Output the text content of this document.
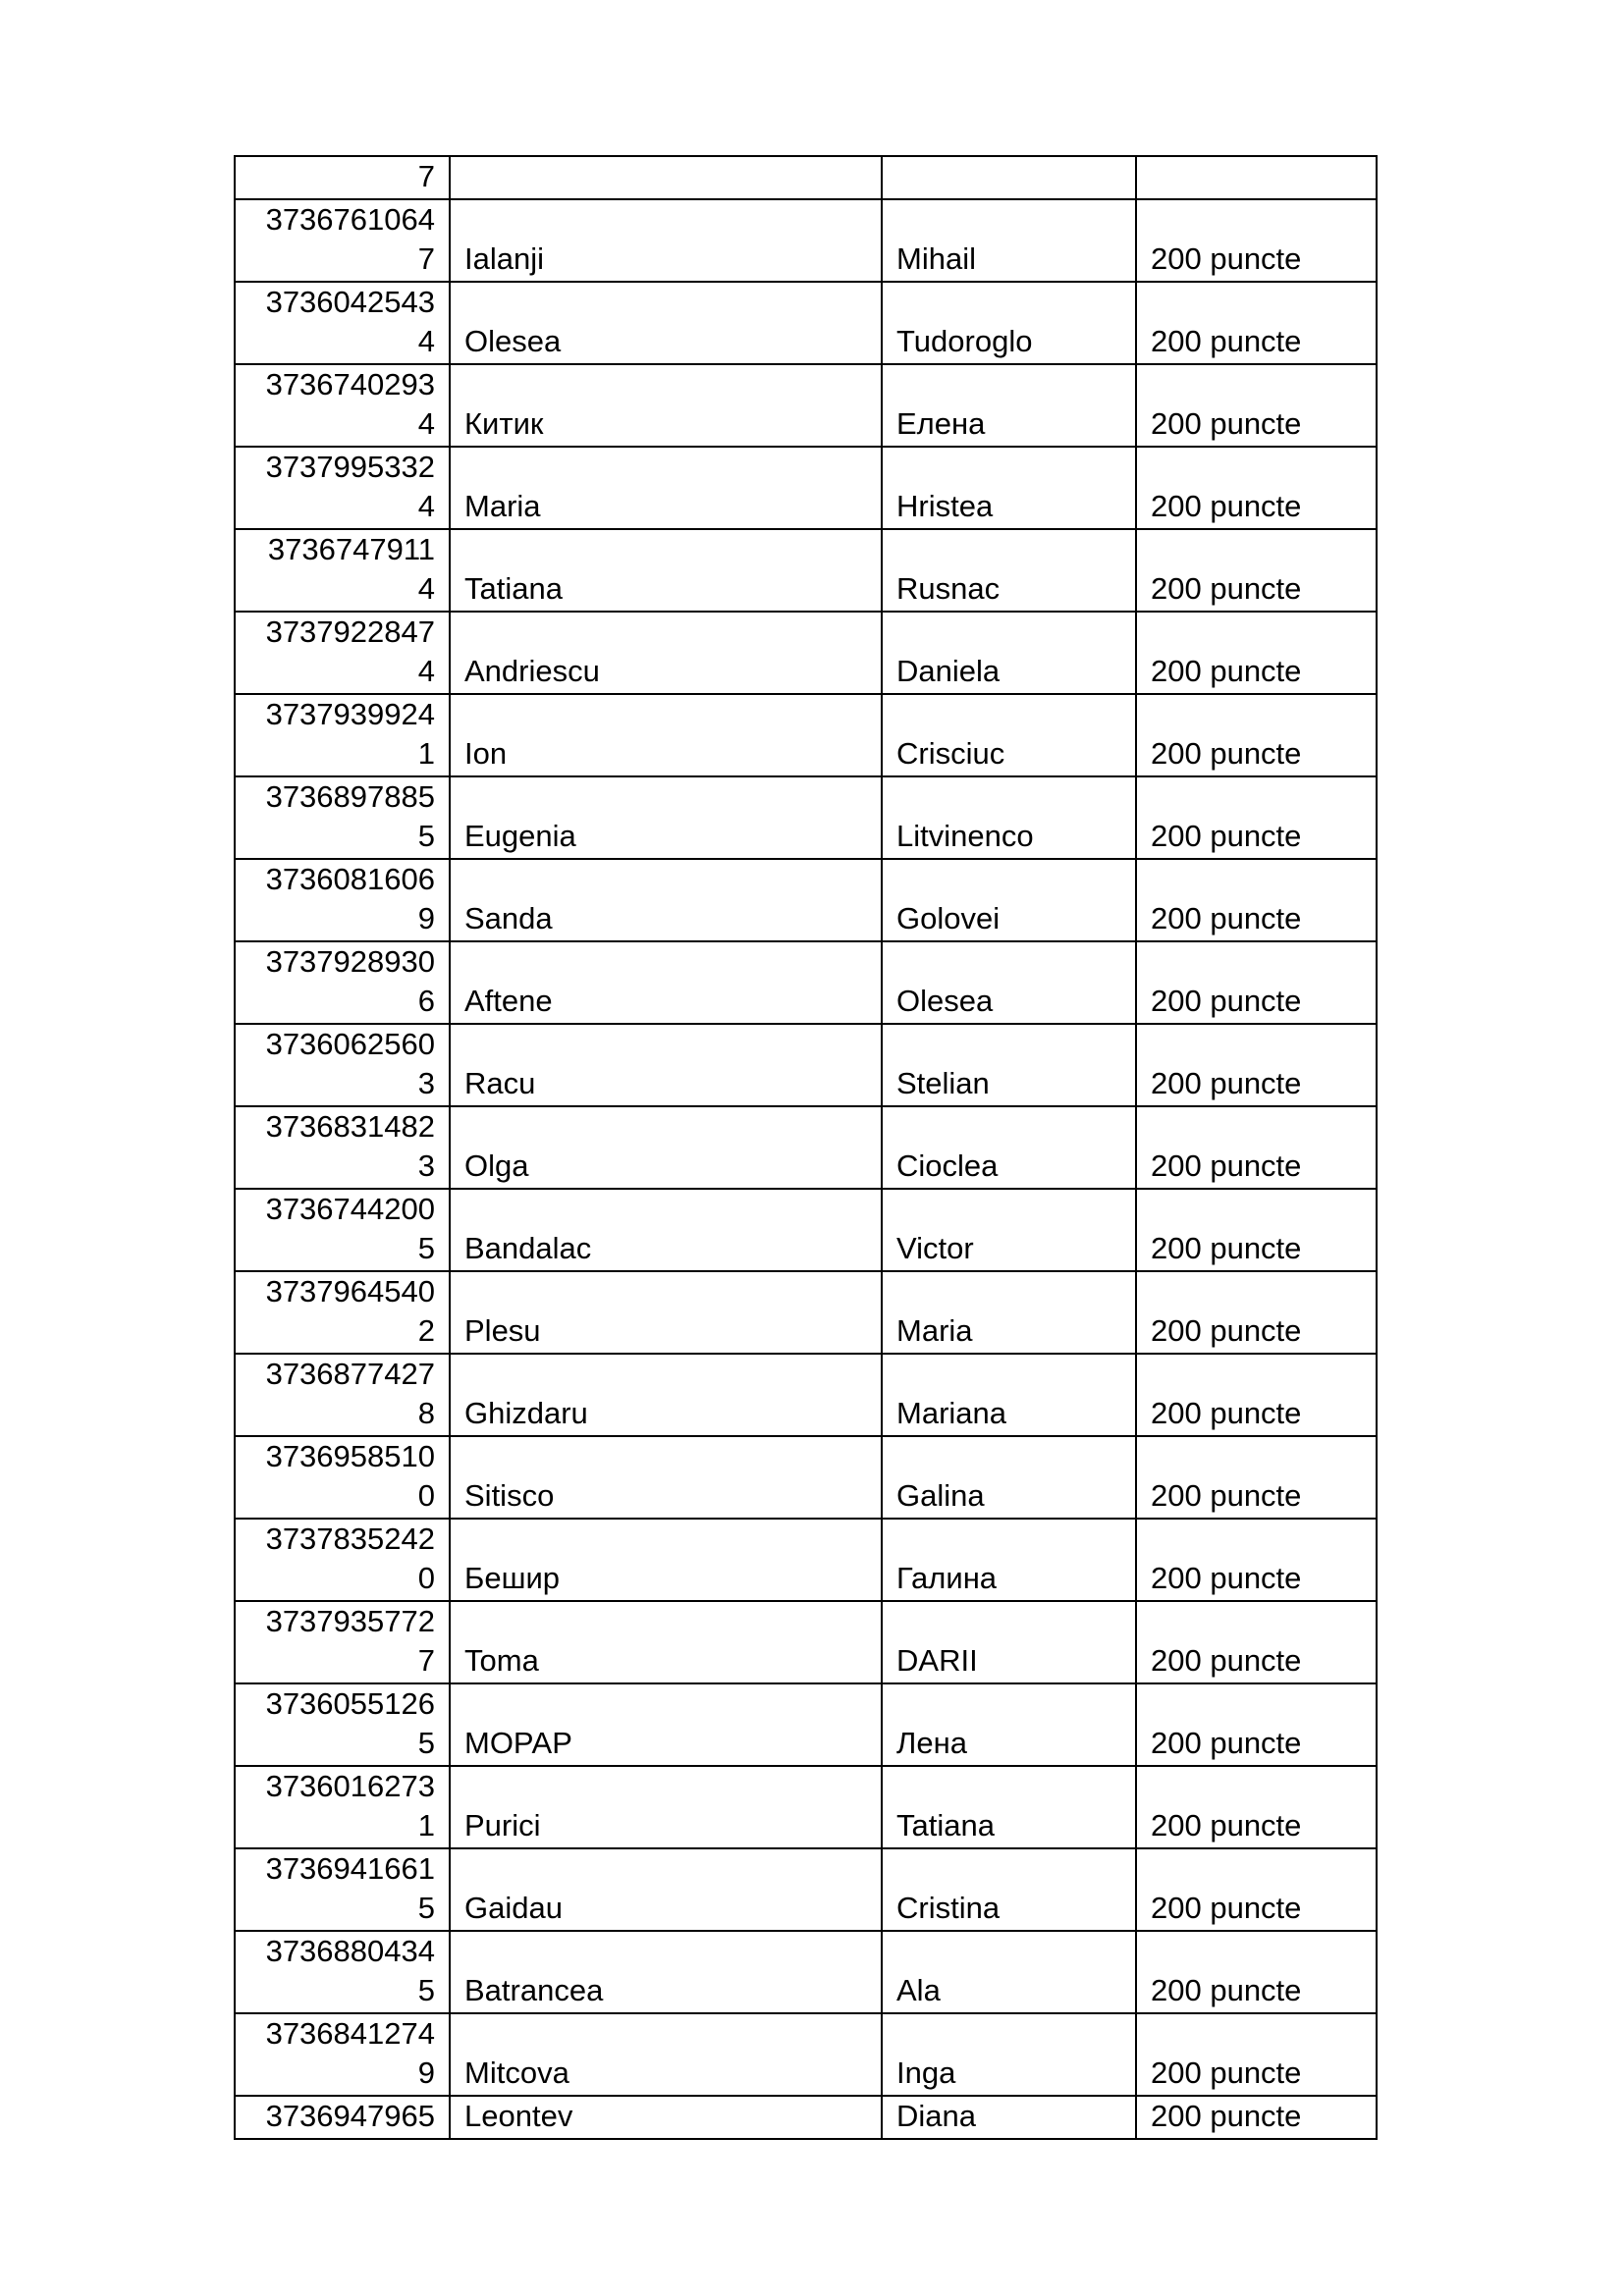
7			
3736761064
7	Ialanji	Mihail	200 puncte
3736042543
4	Olesea	Tudoroglo	200 puncte
3736740293
4	Китик	Елена	200 puncte
3737995332
4	Maria	Hristea	200 puncte
3736747911
4	Tatiana	Rusnac	200 puncte
3737922847
4	Andriescu	Daniela	200 puncte
3737939924
1	Ion	Crisciuc	200 puncte
3736897885
5	Eugenia	Litvinenco	200 puncte
3736081606
9	Sanda	Golovei	200 puncte
3737928930
6	Aftene	Olesea	200 puncte
3736062560
3	Racu	Stelian	200 puncte
3736831482
3	Olga	Cioclea	200 puncte
3736744200
5	Bandalac	Victor	200 puncte
3737964540
2	Plesu	Maria	200 puncte
3736877427
8	Ghizdaru	Mariana	200 puncte
3736958510
0	Sitisco	Galina	200 puncte
3737835242
0	Бешир	Галина	200 puncte
3737935772
7	Toma	DARII	200 puncte
3736055126
5	МОРАР	Лена	200 puncte
3736016273
1	Purici	Tatiana	200 puncte
3736941661
5	Gaidau	Cristina	200 puncte
3736880434
5	Batrancea	Ala	200 puncte
3736841274
9	Mitcova	Inga	200 puncte
3736947965	Leontev	Diana	200 puncte
